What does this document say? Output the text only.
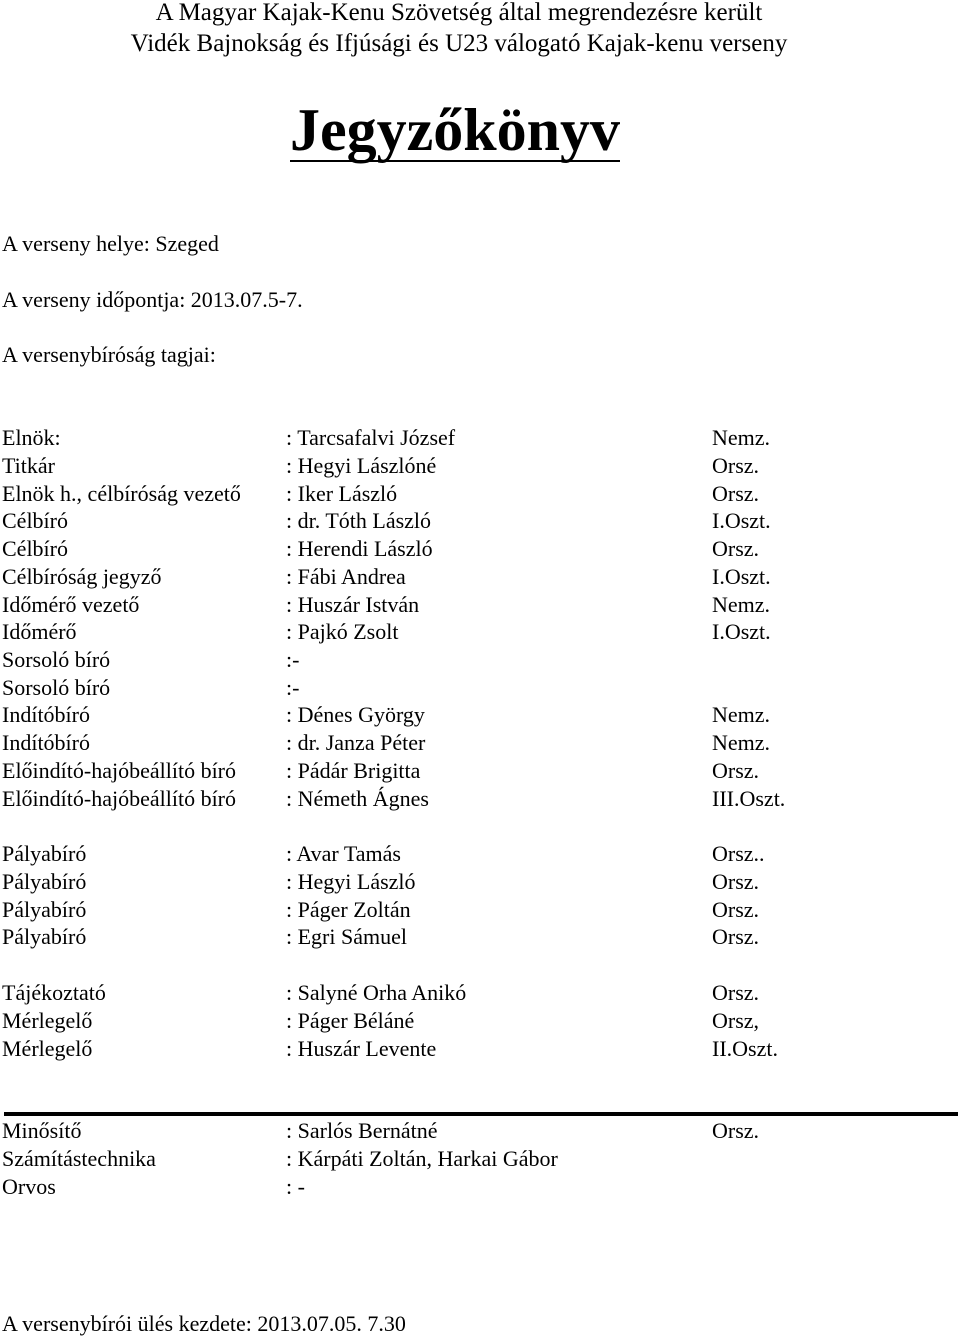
A Magyar Kajak-Kenu Szövetség által megrendezésre került
Vidék Bajnokság és Ifjúsági és U23 válogató Kajak-kenu verseny
Jegyzőkönyv
A verseny helye: Szeged
A verseny időpontja: 2013.07.5-7.
A versenybíróság tagjai:
Elnök:	: Tarcsafalvi József	Nemz.
Titkár	: Hegyi Lászlóné	Orsz.
Elnök h., célbíróság vezető : Iker László	Orsz.
Célbíró	: dr. Tóth László	I.Oszt.
Célbíró	: Herendi László	Orsz.
Célbíróság jegyző	: Fábi Andrea	I.Oszt.
Időmérő vezető	: Huszár István	Nemz.
Időmérő	: Pajkó Zsolt	I.Oszt.
Sorsoló bíró	:-
Sorsoló bíró	:-
Indítóbíró	: Dénes György	Nemz.
Indítóbíró	: dr. Janza Péter	Nemz.
Előindító-hajóbeállító bíró : Pádár Brigitta	Orsz.
Előindító-hajóbeállító bíró : Németh Ágnes	III.Oszt.
Pályabíró	: Avar Tamás	Orsz..
Pályabíró	: Hegyi László	Orsz.
Pályabíró	: Páger Zoltán	Orsz.
Pályabíró	: Egri Sámuel	Orsz.
Tájékoztató	: Salyné Orha Anikó	Orsz.
Mérlegelő	: Páger Béláné	Orsz,
Mérlegelő	: Huszár Levente	II.Oszt.
Minősítő	: Sarlós Bernátné	Orsz.
Számítástechnika	: Kárpáti Zoltán, Harkai Gábor
Orvos	: -
A versenybírói ülés kezdete: 2013.07.05. 7.30
